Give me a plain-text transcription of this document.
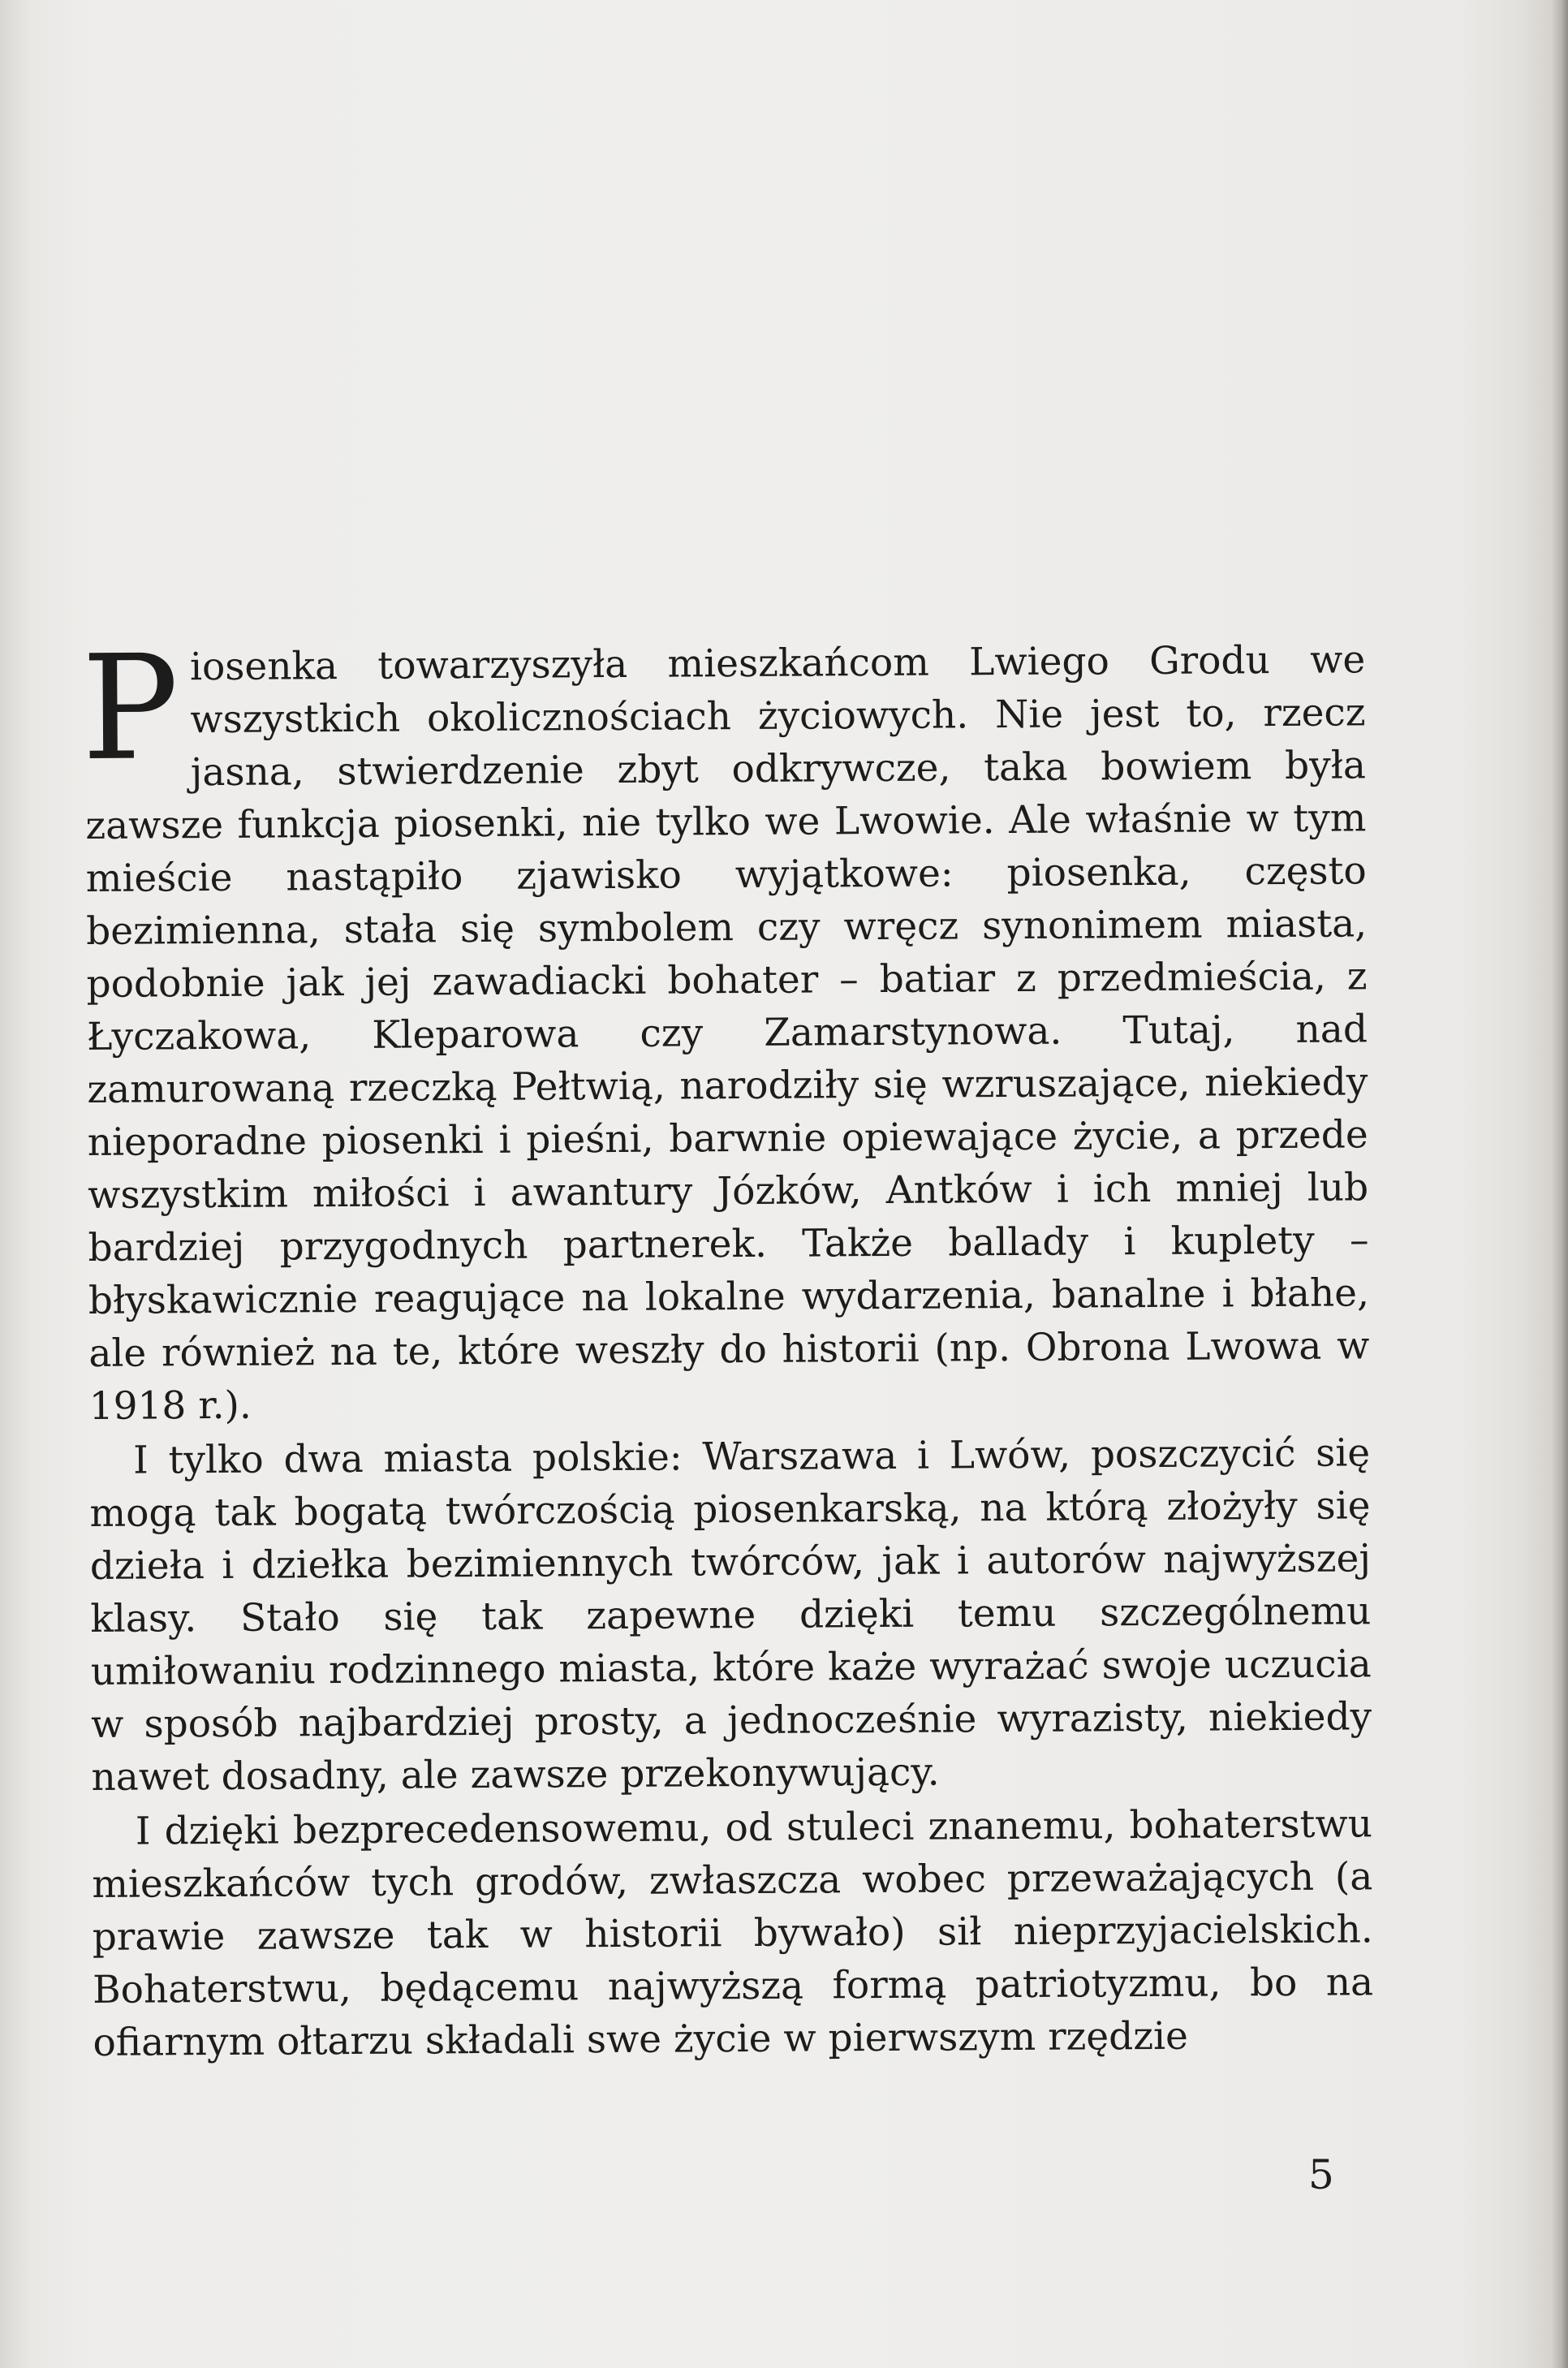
P iosenka towarzyszyła mieszkańcom Lwiego Grodu we wszystkich okolicznościach życiowych. Nie jest to, rzecz jasna, stwierdzenie zbyt odkrywcze, taka bowiem była zawsze funkcja piosenki, nie tylko we Lwowie. Ale właśnie w tym mieście nastąpiło zjawisko wyjątkowe: piosenka, często bezimienna, stała się symbolem czy wręcz synonimem miasta, podobnie jak jej zawadiacki bohater – batiar z przedmieścia, z Łyczakowa, Kleparowa czy Zamarstynowa. Tutaj, nad zamurowaną rzeczką Pełtwią, narodziły się wzruszające, niekiedy nieporadne piosenki i pieśni, barwnie opiewające życie, a przede wszystkim miłości i awantury Józków, Antków i ich mniej lub bardziej przygodnych partnerek. Także ballady i kuplety – błyskawicznie reagujące na lokalne wydarzenia, banalne i błahe, ale również na te, które weszły do historii (np. Obrona Lwowa w 1918 r.).

I tylko dwa miasta polskie: Warszawa i Lwów, poszczycić się mogą tak bogatą twórczością piosenkarską, na którą złożyły się dzieła i dziełka bezimiennych twórców, jak i autorów najwyższej klasy. Stało się tak zapewne dzięki temu szczególnemu umiłowaniu rodzinnego miasta, które każe wyrażać swoje uczucia w sposób najbardziej prosty, a jednocześnie wyrazisty, niekiedy nawet dosadny, ale zawsze przekonywujący.

I dzięki bezprecedensowemu, od stuleci znanemu, bohaterstwu mieszkańców tych grodów, zwłaszcza wobec przeważających (a prawie zawsze tak w historii bywało) sił nieprzyjacielskich. Bohaterstwu, będącemu najwyższą formą patriotyzmu, bo na ofiarnym ołtarzu składali swe życie w pierwszym rzędzie

5
